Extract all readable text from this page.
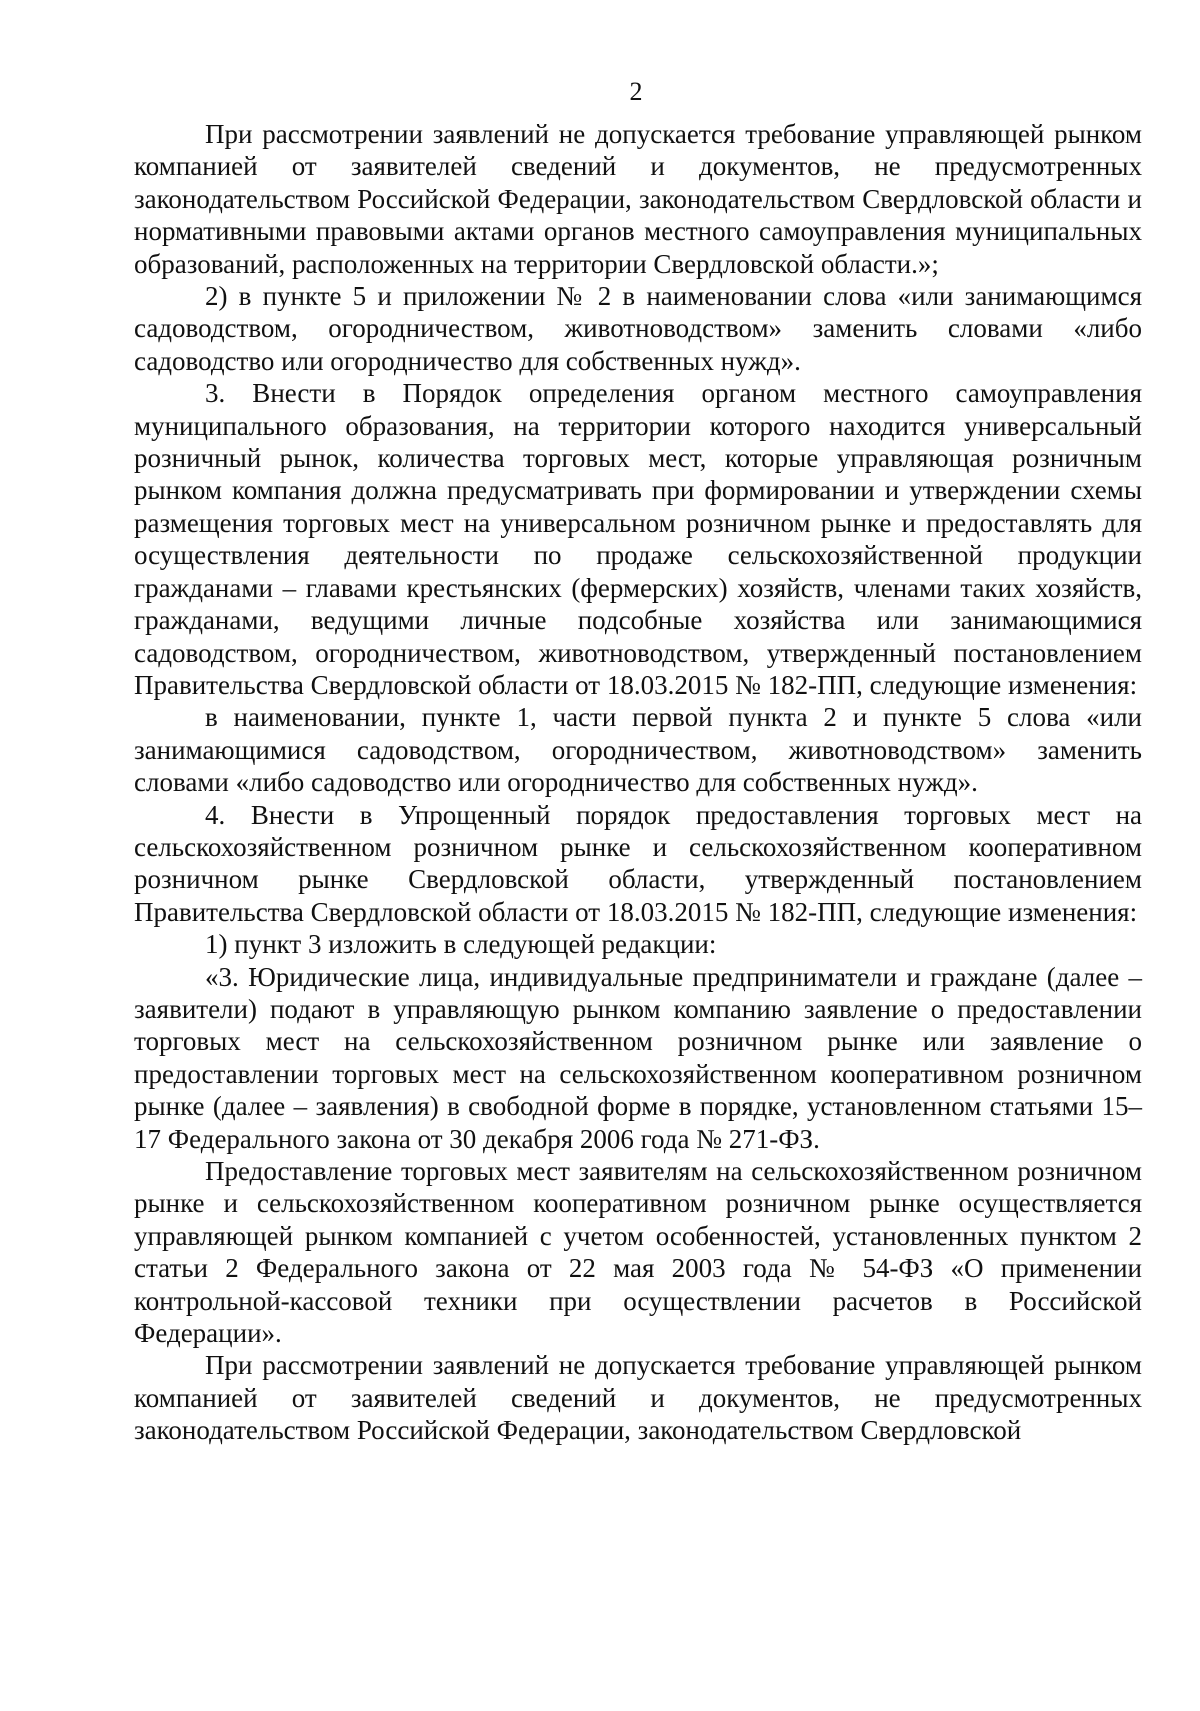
2

При рассмотрении заявлений не допускается требование управляющей рынком компанией от заявителей сведений и документов, не предусмотренных законодательством Российской Федерации, законодательством Свердловской области и нормативными правовыми актами органов местного самоуправления муниципальных образований, расположенных на территории Свердловской области.»;

2) в пункте 5 и приложении № 2 в наименовании слова «или занимающимся садоводством, огородничеством, животноводством» заменить словами «либо садоводство или огородничество для собственных нужд».

3. Внести в Порядок определения органом местного самоуправления муниципального образования, на территории которого находится универсальный розничный рынок, количества торговых мест, которые управляющая розничным рынком компания должна предусматривать при формировании и утверждении схемы размещения торговых мест на универсальном розничном рынке и предоставлять для осуществления деятельности по продаже сельскохозяйственной продукции гражданами – главами крестьянских (фермерских) хозяйств, членами таких хозяйств, гражданами, ведущими личные подсобные хозяйства или занимающимися садоводством, огородничеством, животноводством, утвержденный постановлением Правительства Свердловской области от 18.03.2015 № 182-ПП, следующие изменения:

в наименовании, пункте 1, части первой пункта 2 и пункте 5 слова «или занимающимися садоводством, огородничеством, животноводством» заменить словами «либо садоводство или огородничество для собственных нужд».

4. Внести в Упрощенный порядок предоставления торговых мест на сельскохозяйственном розничном рынке и сельскохозяйственном кооперативном розничном рынке Свердловской области, утвержденный постановлением Правительства Свердловской области от 18.03.2015 № 182-ПП, следующие изменения:

1) пункт 3 изложить в следующей редакции:

«3. Юридические лица, индивидуальные предприниматели и граждане (далее – заявители) подают в управляющую рынком компанию заявление о предоставлении торговых мест на сельскохозяйственном розничном рынке или заявление о предоставлении торговых мест на сельскохозяйственном кооперативном розничном рынке (далее – заявления) в свободной форме в порядке, установленном статьями 15–17 Федерального закона от 30 декабря 2006 года № 271-ФЗ.

Предоставление торговых мест заявителям на сельскохозяйственном розничном рынке и сельскохозяйственном кооперативном розничном рынке осуществляется управляющей рынком компанией с учетом особенностей, установленных пунктом 2 статьи 2 Федерального закона от 22 мая 2003 года № 54-ФЗ «О применении контрольной-кассовой техники при осуществлении расчетов в Российской Федерации».

При рассмотрении заявлений не допускается требование управляющей рынком компанией от заявителей сведений и документов, не предусмотренных законодательством Российской Федерации, законодательством Свердловской
